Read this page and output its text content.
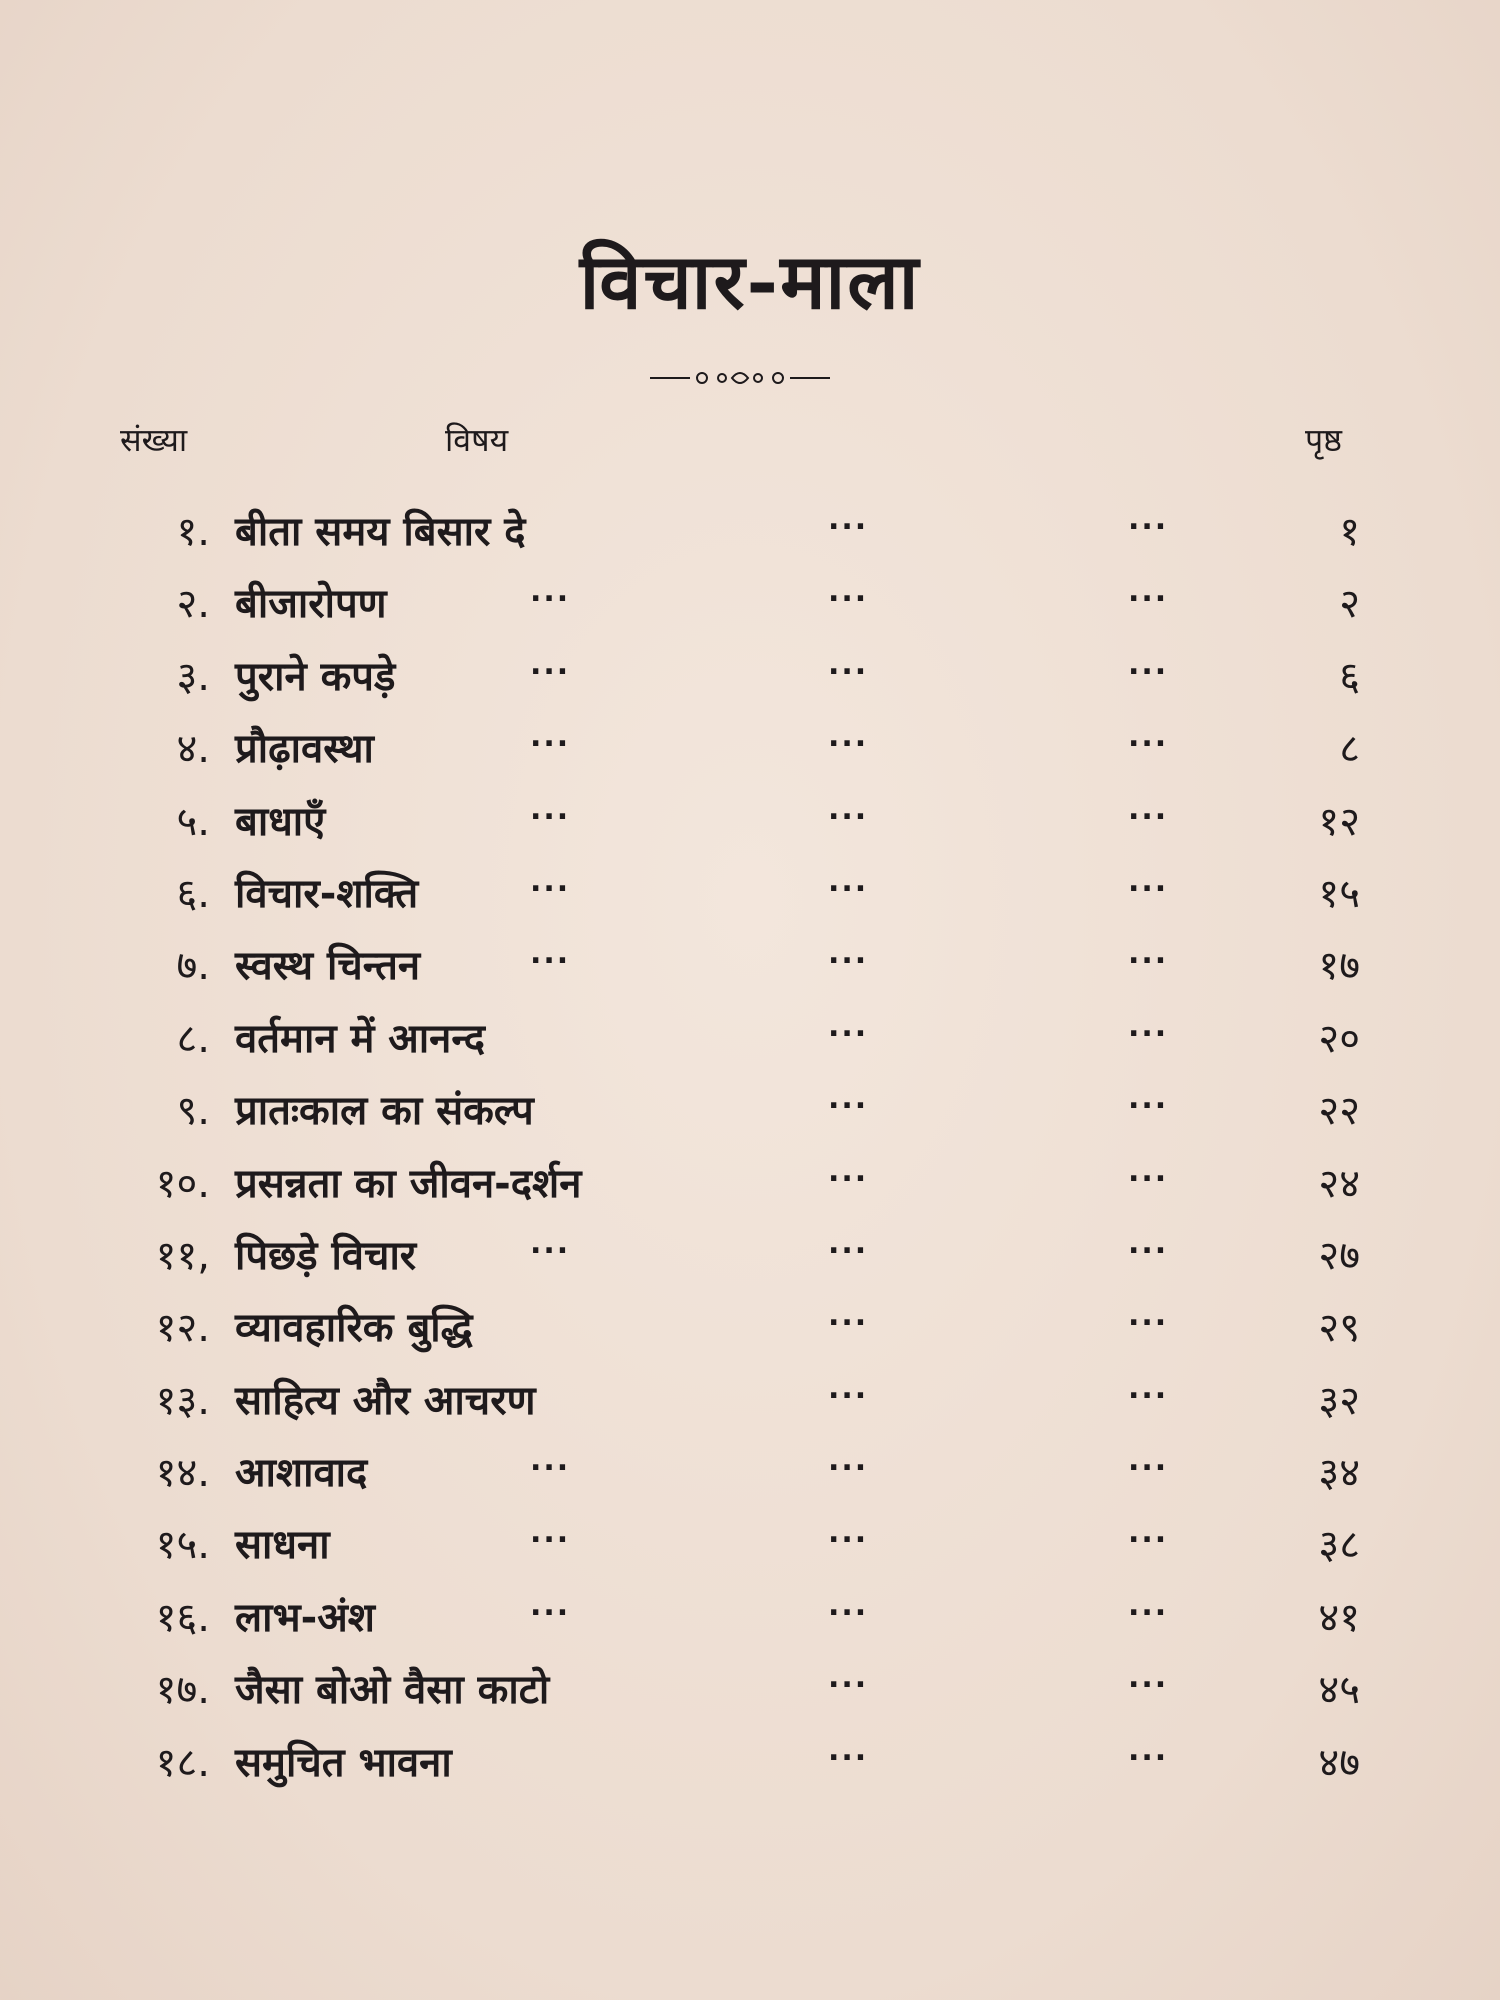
विचार-माला
संख्या	विषय	पृष्ठ
१. बीता समय बिसार दे	...	...	१
२. बीजारोपण	...	...	...	२
३. पुराने कपड़े	...	...	...	६
४. प्रौढ़ावस्था	...	...	...	८
५. बाधाएँ	...	...	...	१२
६. विचार-शक्ति	...	...	...	१५
७. स्वस्थ चिन्तन	...	...	...	१७
८. वर्तमान में आनन्द	...	...	२०
९. प्रातःकाल का संकल्प	...	...	२२
१०. प्रसन्नता का जीवन-दर्शन	...	...	२४
११, पिछड़े विचार	...	...	...	२७
१२. व्यावहारिक बुद्धि	...	...	२९
१३. साहित्य और आचरण	...	...	३२
१४. आशावाद	...	...	...	३४
१५. साधना	...	...	...	३८
१६. लाभ-अंश	...	...	...	४१
१७. जैसा बोओ वैसा काटो	...	...	४५
१८. समुचित भावना	...	...	४७
